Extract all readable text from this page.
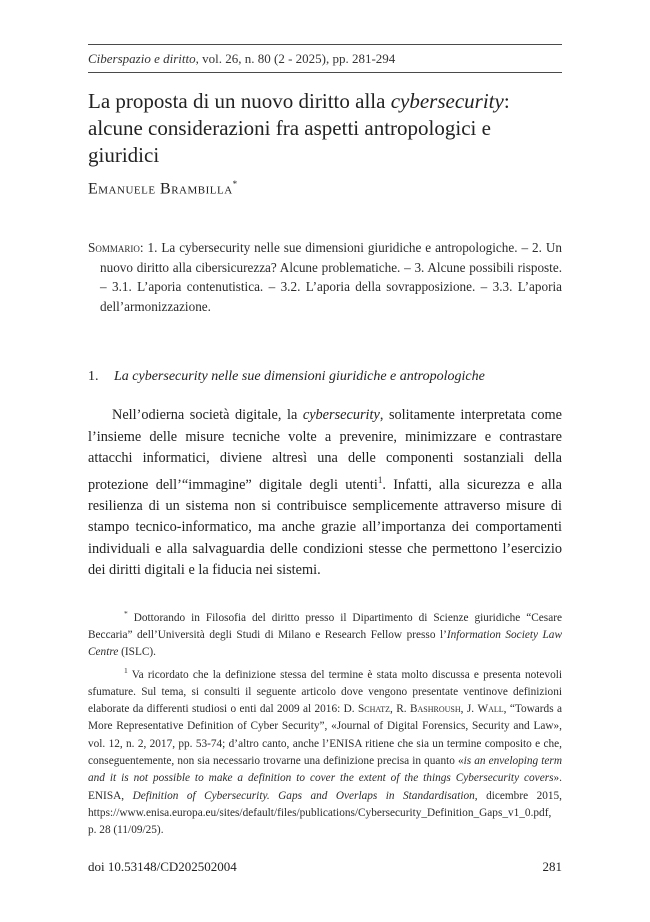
Ciberspazio e diritto, vol. 26, n. 80 (2 - 2025), pp. 281-294
La proposta di un nuovo diritto alla cybersecurity: alcune considerazioni fra aspetti antropologici e giuridici
Emanuele Brambilla*
Sommario: 1. La cybersecurity nelle sue dimensioni giuridiche e antropologiche. – 2. Un nuovo diritto alla cibersicurezza? Alcune problematiche. – 3. Alcune possibili risposte. – 3.1. L’aporia contenutistica. – 3.2. L’aporia della sovrapposizione. – 3.3. L’aporia dell’armonizzazione.
1. La cybersecurity nelle sue dimensioni giuridiche e antropologiche

Nell’odierna società digitale, la cybersecurity, solitamente interpretata come l’insieme delle misure tecniche volte a prevenire, minimizzare e contrastare attacchi informatici, diviene altresì una delle componenti sostanziali della protezione dell’“immagine” digitale degli utenti$^1$. Infatti, alla sicurezza e alla resilienza di un sistema non si contribuisce semplicemente attraverso misure di stampo tecnico-informatico, ma anche grazie all’importanza dei comportamenti individuali e alla salvaguardia delle condizioni stesse che permettono l’esercizio dei diritti digitali e la fiducia nei sistemi.

* Dottorando in Filosofia del diritto presso il Dipartimento di Scienze giuridiche “Cesare Beccaria” dell’Università degli Studi di Milano e Research Fellow presso l’Information Society Law Centre (ISLC).

$^1$ Va ricordato che la definizione stessa del termine è stata molto discussa e presenta notevoli sfumature. Sul tema, si consulti il seguente articolo dove vengono presentate ventinove definizioni elaborate da differenti studiosi o enti dal 2009 al 2016: D. Schatz, R. Bashroush, J. Wall, “Towards a More Representative Definition of Cyber Security”, «Journal of Digital Forensics, Security and Law», vol. 12, n. 2, 2017, pp. 53-74; d’altro canto, anche l’ENISA ritiene che sia un termine composito e che, conseguentemente, non sia necessario trovarne una definizione precisa in quanto «is an enveloping term and it is not possible to make a definition to cover the extent of the things Cybersecurity covers». ENISA, Definition of Cybersecurity. Gaps and Overlaps in Standardisation, dicembre 2015, https://www.enisa.europa.eu/sites/default/files/publications/Cybersecurity_Definition_Gaps_v1_0.pdf, p. 28 (11/09/25).

doi 10.53148/CD202502004	281
